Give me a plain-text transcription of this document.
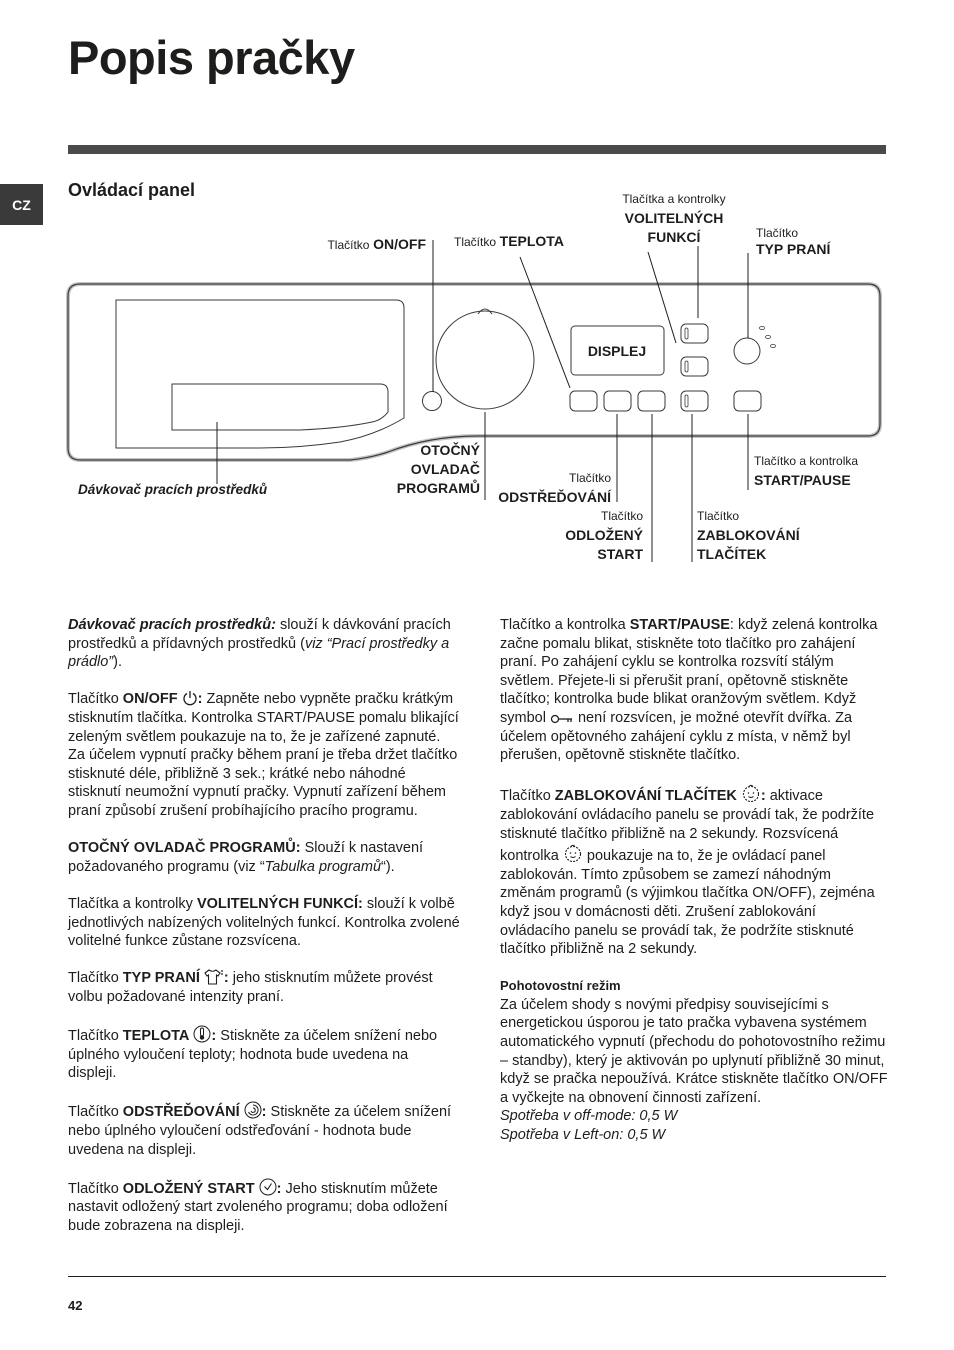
Popis pračky
CZ
Ovládací panel
DISPLEJ
Tlačítko ON/OFF Tlačítko TEPLOTA
Tlačítka a kontrolky
VOLITELNÝCH
FUNKCÍ	Tlačítko
TYP PRANÍ
Dávkovač pracích prostředků
OTOČNÝ
OVLADAČ
PROGRAMŮ
Tlačítko
ODSTŘEĎOVÁNÍ
Tlačítko
ODLOŽENÝ
START
Tlačítko
ZABLOKOVÁNÍ
TLAČÍTEK
Tlačítko a kontrolka
START/PAUSE

Dávkovač pracích prostředků: slouží k dávkování pracích prostředků a přídavných prostředků (viz “Prací prostředky a prádlo”).

Tlačítko ON/OFF : Zapněte nebo vypněte pračku krátkým stisknutím tlačítka. Kontrolka START/PAUSE pomalu blikající zeleným světlem poukazuje na to, že je zařízené zapnuté. Za účelem vypnutí pračky během praní je třeba držet tlačítko stisknuté déle, přibližně 3 sek.; krátké nebo náhodné stisknutí neumožní vypnutí pračky. Vypnutí zařízení během praní způsobí zrušení probíhajícího pracího programu.

OTOČNÝ OVLADAČ PROGRAMŮ: Slouží k nastavení požadovaného programu (viz “Tabulka programů“).

Tlačítka a kontrolky VOLITELNÝCH FUNKCÍ: slouží k volbě jednotlivých nabízených volitelných funkcí. Kontrolka zvolené volitelné funkce zůstane rozsvícena.

Tlačítko TYP PRANÍ : jeho stisknutím můžete provést volbu požadované intenzity praní.

Tlačítko TEPLOTA : Stiskněte za účelem snížení nebo úplného vyloučení teploty; hodnota bude uvedena na displeji.

Tlačítko ODSTŘEĎOVÁNÍ : Stiskněte za účelem snížení nebo úplného vyloučení odstřeďování - hodnota bude uvedena na displeji.

Tlačítko ODLOŽENÝ START : Jeho stisknutím můžete nastavit odložený start zvoleného programu; doba odložení bude zobrazena na displeji.

Tlačítko a kontrolka START/PAUSE: když zelená kontrolka začne pomalu blikat, stiskněte toto tlačítko pro zahájení praní. Po zahájení cyklu se kontrolka rozsvítí stálým světlem. Přejete-li si přerušit praní, opětovně stiskněte tlačítko; kontrolka bude blikat oranžovým světlem. Když symbol  není rozsvícen, je možné otevřít dvířka. Za účelem opětovného zahájení cyklu z místa, v němž byl přerušen, opětovně stiskněte tlačítko.

Tlačítko ZABLOKOVÁNÍ TLAČÍTEK : aktivace zablokování ovládacího panelu se provádí tak, že podržíte stisknuté tlačítko přibližně na 2 sekundy. Rozsvícená kontrolka  poukazuje na to, že je ovládací panel zablokován. Tímto způsobem se zamezí náhodným změnám programů (s výjimkou tlačítka ON/OFF), zejména když jsou v domácnosti děti. Zrušení zablokování ovládacího panelu se provádí tak, že podržíte stisknuté tlačítko přibližně na 2 sekundy.

Pohotovostní režim
Za účelem shody s novými předpisy souvisejícími s energetickou úsporou je tato pračka vybavena systémem automatického vypnutí (přechodu do pohotovostního režimu – standby), který je aktivován po uplynutí přibližně 30 minut, když se pračka nepoužívá. Krátce stiskněte tlačítko ON/OFF a vyčkejte na obnovení činnosti zařízení.
Spotřeba v off-mode: 0,5 W
Spotřeba v Left-on: 0,5 W
42
